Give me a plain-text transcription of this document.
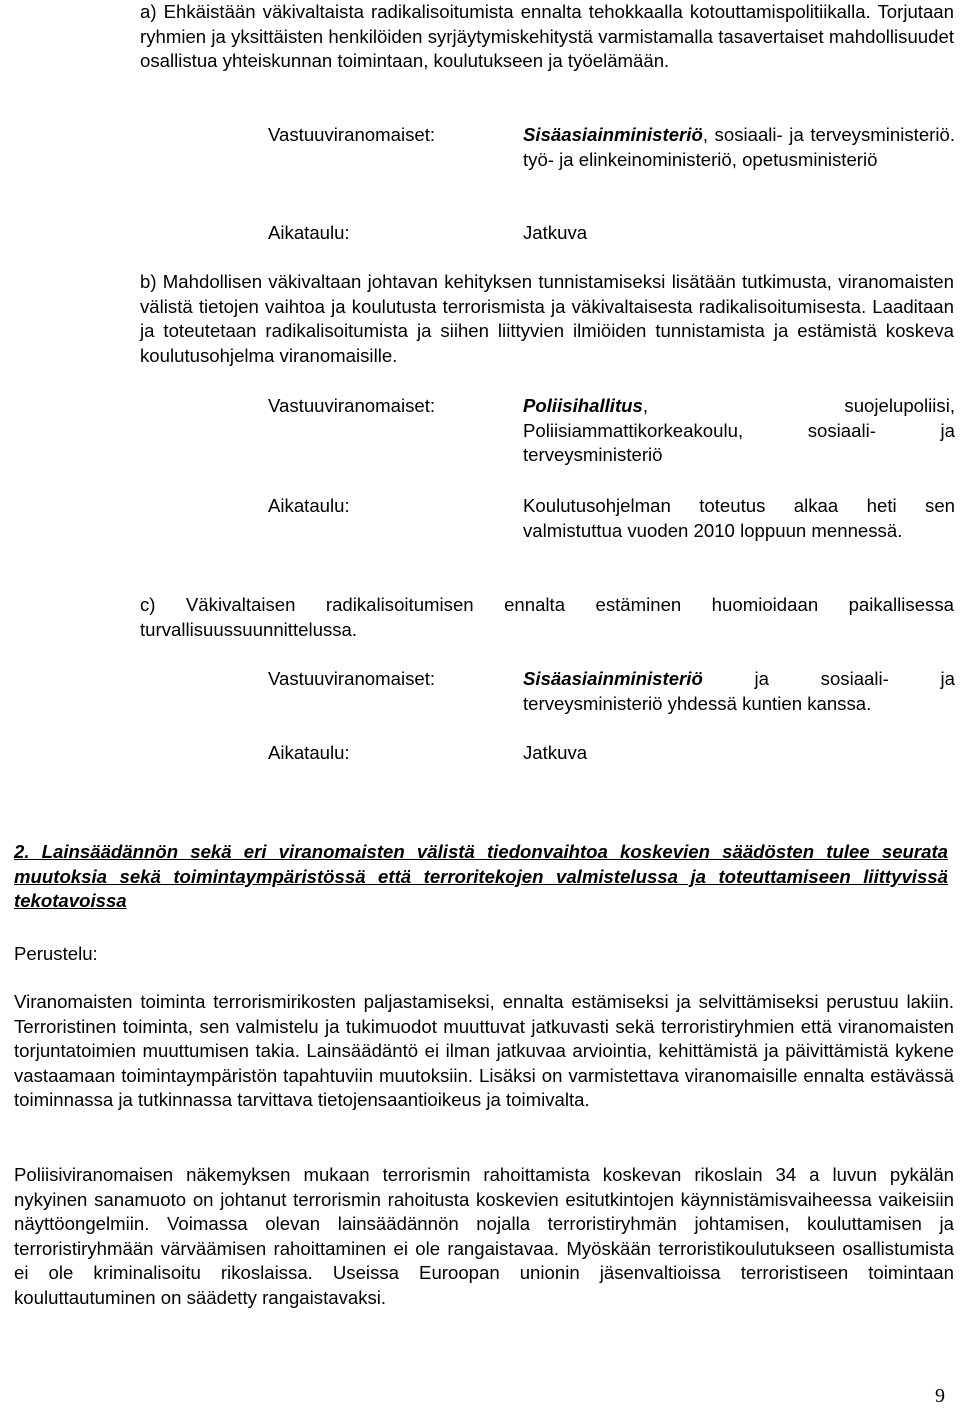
a) Ehkäistään väkivaltaista radikalisoitumista ennalta tehokkaalla kotouttamispolitiikalla. Torjutaan ryhmien ja yksittäisten henkilöiden syrjäytymiskehitystä varmistamalla tasavertaiset mahdollisuudet osallistua yhteiskunnan toimintaan, koulutukseen ja työelämään.

Vastuuviranomaiset:	Sisäasiainministeriö, sosiaali- ja terveysministeriö. työ- ja elinkeinoministeriö, opetusministeriö
Aikataulu:	Jatkuva

b) Mahdollisen väkivaltaan johtavan kehityksen tunnistamiseksi lisätään tutkimusta, viranomaisten välistä tietojen vaihtoa ja koulutusta terrorismista ja väkivaltaisesta radikalisoitumisesta. Laaditaan ja toteutetaan radikalisoitumista ja siihen liittyvien ilmiöiden tunnistamista ja estämistä koskeva koulutusohjelma viranomaisille.

Vastuuviranomaiset:	Poliisihallitus, suojelupoliisi, Poliisiammattikorkeakoulu, sosiaali- ja terveysministeriö
Aikataulu:	Koulutusohjelman toteutus alkaa heti sen valmistuttua vuoden 2010 loppuun mennessä.

c) Väkivaltaisen radikalisoitumisen ennalta estäminen huomioidaan paikallisessa turvallisuussuunnittelussa.

Vastuuviranomaiset:	Sisäasiainministeriö ja sosiaali- ja terveysministeriö yhdessä kuntien kanssa.
Aikataulu:	Jatkuva
2. Lainsäädännön sekä eri viranomaisten välistä tiedonvaihtoa koskevien säädösten tulee seurata muutoksia sekä toimintaympäristössä että terroritekojen valmistelussa ja toteuttamiseen liittyvissä tekotavoissa
Perustelu:

Viranomaisten toiminta terrorismirikosten paljastamiseksi, ennalta estämiseksi ja selvittämiseksi perustuu lakiin. Terroristinen toiminta, sen valmistelu ja tukimuodot muuttuvat jatkuvasti sekä terroristiryhmien että viranomaisten torjuntatoimien muuttumisen takia. Lainsäädäntö ei ilman jatkuvaa arviointia, kehittämistä ja päivittämistä kykene vastaamaan toimintaympäristön tapahtuviin muutoksiin. Lisäksi on varmistettava viranomaisille ennalta estävässä toiminnassa ja tutkinnassa tarvittava tietojensaantioikeus ja toimivalta.

Poliisiviranomaisen näkemyksen mukaan terrorismin rahoittamista koskevan rikoslain 34 a luvun pykälän nykyinen sanamuoto on johtanut terrorismin rahoitusta koskevien esitutkintojen käynnistämisvaiheessa vaikeisiin näyttöongelmiin. Voimassa olevan lainsäädännön nojalla terroristiryhmän johtamisen, kouluttamisen ja terroristiryhmään värväämisen rahoittaminen ei ole rangaistavaa. Myöskään terroristikoulutukseen osallistumista ei ole kriminalisoitu rikoslaissa. Useissa Euroopan unionin jäsenvaltioissa terroristiseen toimintaan kouluttautuminen on säädetty rangaistavaksi.

9
